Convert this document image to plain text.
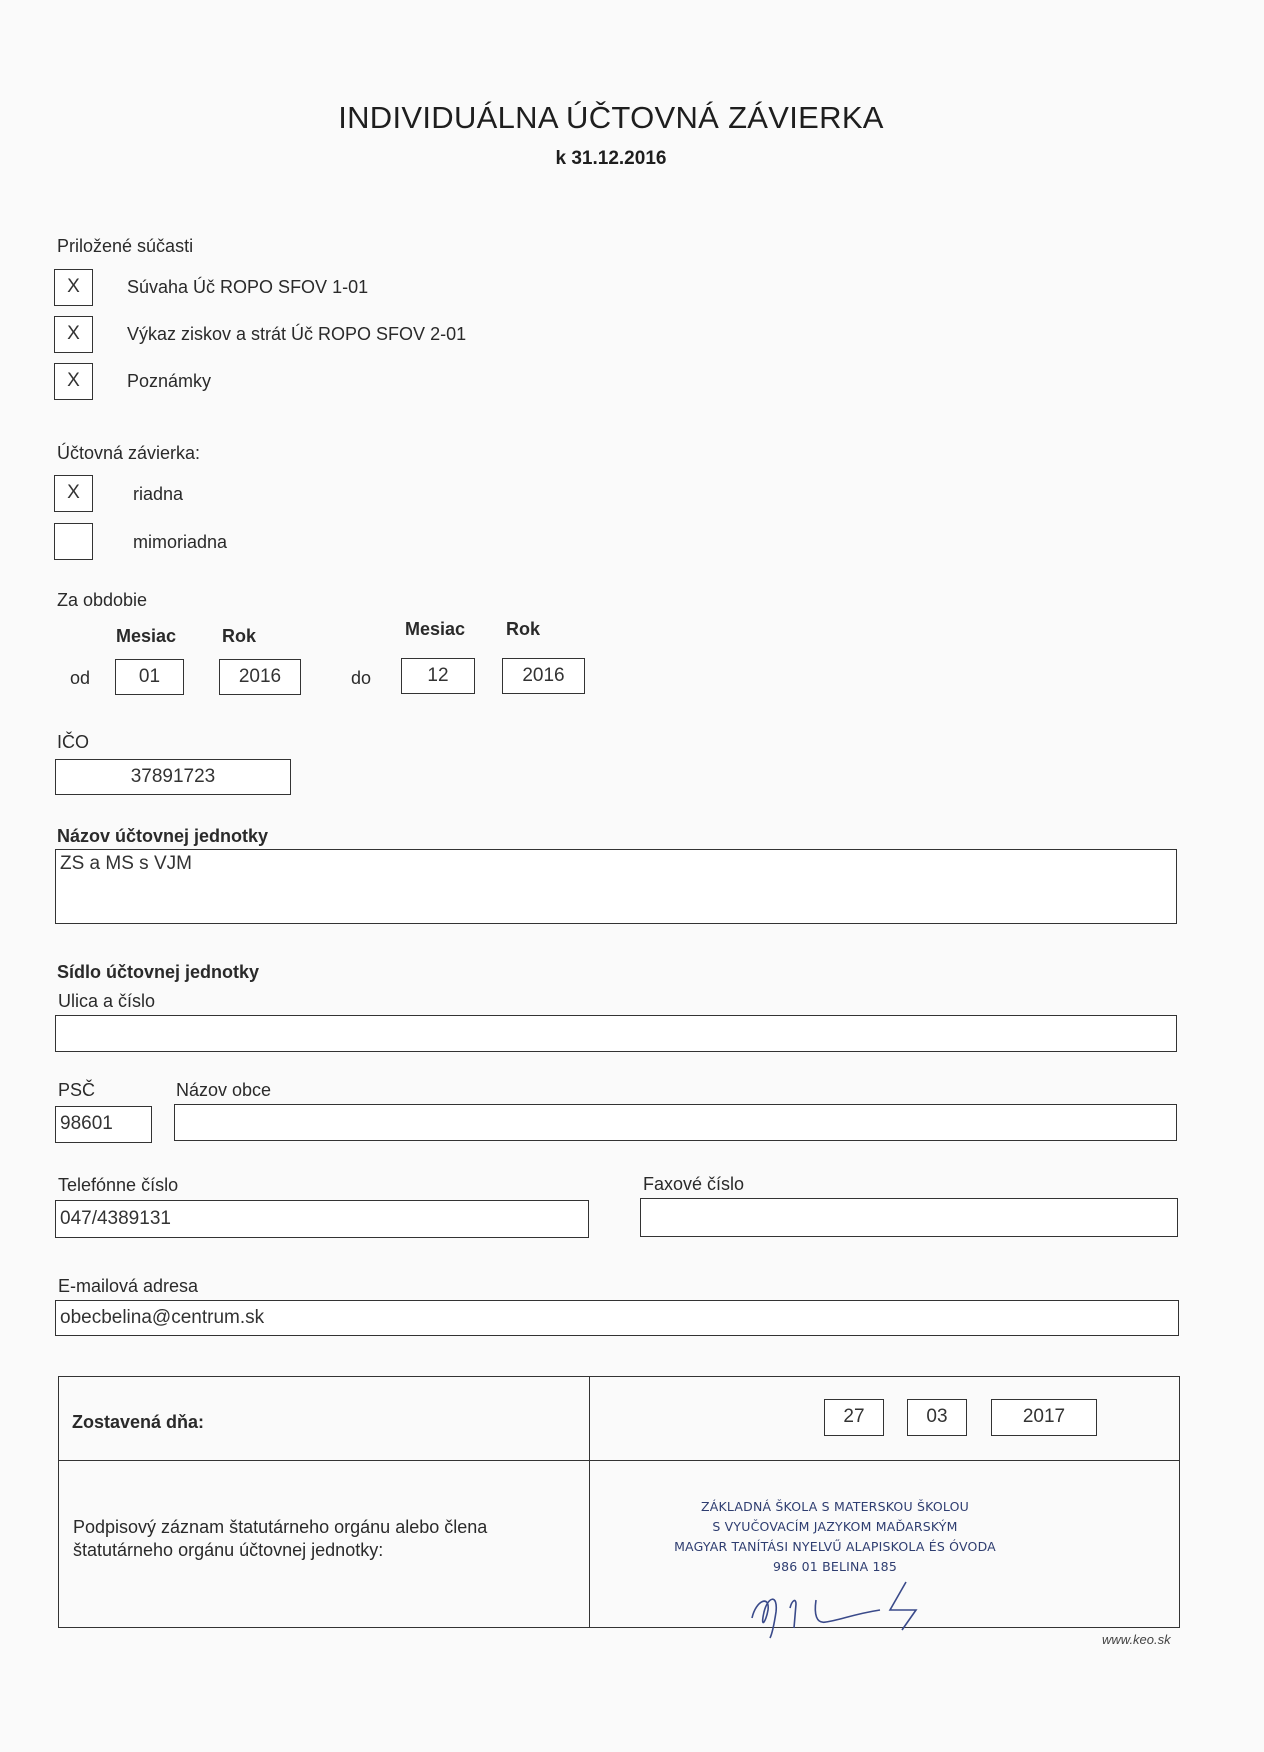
INDIVIDUÁLNA ÚČTOVNÁ ZÁVIERKA
k 31.12.2016
Priložené súčasti
X	Súvaha Úč ROPO SFOV 1-01
X	Výkaz ziskov a strát Úč ROPO SFOV 2-01
X	Poznámky
Účtovná závierka:
X	riadna
mimoriadna
Za obdobie
Mesiac	Rok	Mesiac Rok
od	01	2016	do	12	2016
IČO
37891723
Názov účtovnej jednotky
ZS a MS s VJM
Sídlo účtovnej jednotky
Ulica a číslo
PSČ	Názov obce
98601
Telefónne číslo	Faxové číslo
047/4389131
E-mailová adresa
obecbelina@centrum.sk
Zostavená dňa:	27	03	2017
Podpisový záznam štatutárneho orgánu alebo člena
štatutárneho orgánu účtovnej jednotky:
ZÁKLADNÁ ŠKOLA S MATERSKOU ŠKOLOU
S VYUČOVACÍM JAZYKOM MAĎARSKÝM
MAGYAR TANÍTÁSI NYELVŰ ALAPISKOLA ÉS ÓVODA
986 01 BELINA 185
www.keo.sk
